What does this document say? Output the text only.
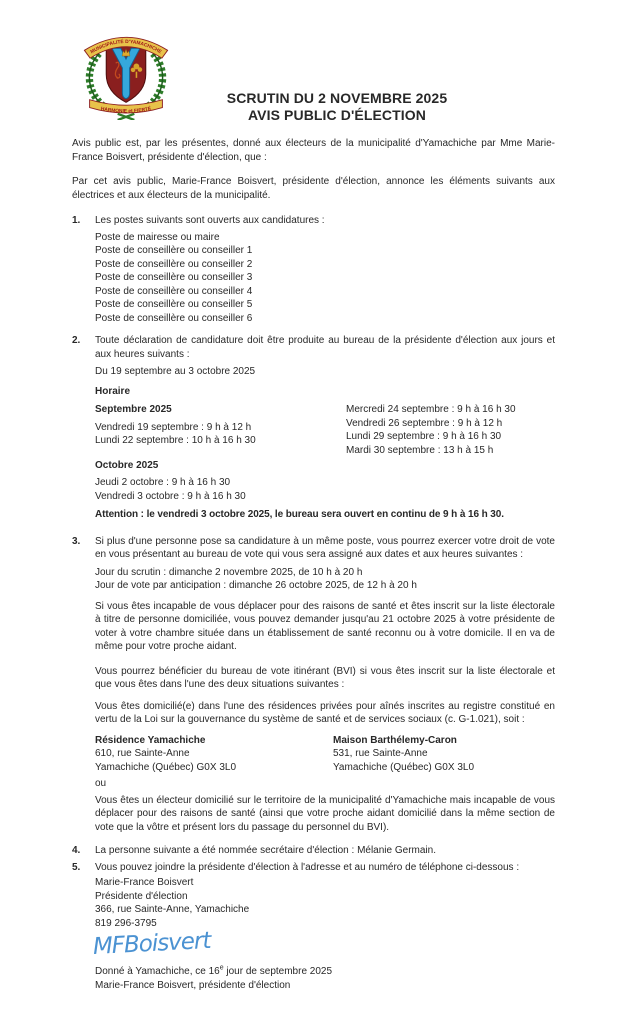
MUNICIPALITÉ D'YAMACHICHE
HARMONIE et FIERTÉ
SCRUTIN DU 2 NOVEMBRE 2025
AVIS PUBLIC D'ÉLECTION

Avis public est, par les présentes, donné aux électeurs de la municipalité d'Yamachiche par Mme Marie-France Boisvert, présidente d'élection, que :

Par cet avis public, Marie-France Boisvert, présidente d'élection, annonce les éléments suivants aux électrices et aux électeurs de la municipalité.

1.	Les postes suivants sont ouverts aux candidatures :

Poste de mairesse ou maire

Poste de conseillère ou conseiller 1

Poste de conseillère ou conseiller 2

Poste de conseillère ou conseiller 3

Poste de conseillère ou conseiller 4

Poste de conseillère ou conseiller 5

Poste de conseillère ou conseiller 6

2.	Toute déclaration de candidature doit être produite au bureau de la présidente d'élection aux jours et aux heures suivants :

Du 19 septembre au 3 octobre 2025

Horaire

Septembre 2025

Vendredi 19 septembre : 9 h à 12 h

Lundi 22 septembre : 10 h à 16 h 30

Octobre 2025

Jeudi 2 octobre : 9 h à 16 h 30

Vendredi 3 octobre : 9 h à 16 h 30

Mercredi 24 septembre : 9 h à 16 h 30

Vendredi 26 septembre : 9 h à 12 h

Lundi 29 septembre : 9 h à 16 h 30

Mardi 30 septembre : 13 h à 15 h

Attention : le vendredi 3 octobre 2025, le bureau sera ouvert en continu de 9 h à 16 h 30.

3.	Si plus d'une personne pose sa candidature à un même poste, vous pourrez exercer votre droit de vote en vous présentant au bureau de vote qui vous sera assigné aux dates et aux heures suivantes :

Jour du scrutin : dimanche 2 novembre 2025, de 10 h à 20 h

Jour de vote par anticipation : dimanche 26 octobre 2025, de 12 h à 20 h

Si vous êtes incapable de vous déplacer pour des raisons de santé et êtes inscrit sur la liste électorale à titre de personne domiciliée, vous pouvez demander jusqu'au 21 octobre 2025 à votre présidente de voter à votre chambre située dans un établissement de santé reconnu ou à votre domicile. Il en va de même pour votre proche aidant.

Vous pourrez bénéficier du bureau de vote itinérant (BVI) si vous êtes inscrit sur la liste électorale et que vous êtes dans l'une des deux situations suivantes :

Vous êtes domicilié(e) dans l'une des résidences privées pour aînés inscrites au registre constitué en vertu de la Loi sur la gouvernance du système de santé et de services sociaux (c. G-1.021), soit :

Résidence Yamachiche

610, rue Sainte-Anne

Yamachiche (Québec) G0X 3L0

Maison Barthélemy-Caron

531, rue Sainte-Anne

Yamachiche (Québec) G0X 3L0

ou

Vous êtes un électeur domicilié sur le territoire de la municipalité d'Yamachiche mais incapable de vous déplacer pour des raisons de santé (ainsi que votre proche aidant domicilié dans la même section de vote que la vôtre et présent lors du passage du personnel du BVI).

4.	La personne suivante a été nommée secrétaire d'élection : Mélanie Germain.

5.	Vous pouvez joindre la présidente d'élection à l'adresse et au numéro de téléphone ci-dessous :

Marie-France Boisvert

Présidente d'élection

366, rue Sainte-Anne, Yamachiche

819 296-3795

MFBoisvert

Donné à Yamachiche, ce 16e jour de septembre 2025

Marie-France Boisvert, présidente d'élection
